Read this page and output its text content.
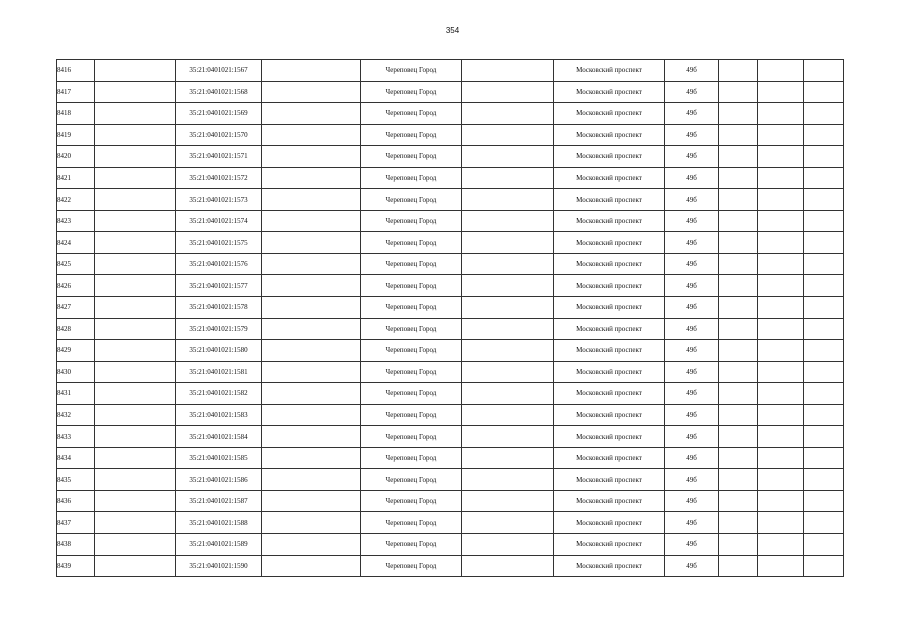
354
8416		35:21:0401021:1567		Череповец Город		Московский проспект	49б			
8417		35:21:0401021:1568		Череповец Город		Московский проспект	49б			
8418		35:21:0401021:1569		Череповец Город		Московский проспект	49б			
8419		35:21:0401021:1570		Череповец Город		Московский проспект	49б			
8420		35:21:0401021:1571		Череповец Город		Московский проспект	49б			
8421		35:21:0401021:1572		Череповец Город		Московский проспект	49б			
8422		35:21:0401021:1573		Череповец Город		Московский проспект	49б			
8423		35:21:0401021:1574		Череповец Город		Московский проспект	49б			
8424		35:21:0401021:1575		Череповец Город		Московский проспект	49б			
8425		35:21:0401021:1576		Череповец Город		Московский проспект	49б			
8426		35:21:0401021:1577		Череповец Город		Московский проспект	49б			
8427		35:21:0401021:1578		Череповец Город		Московский проспект	49б			
8428		35:21:0401021:1579		Череповец Город		Московский проспект	49б			
8429		35:21:0401021:1580		Череповец Город		Московский проспект	49б			
8430		35:21:0401021:1581		Череповец Город		Московский проспект	49б			
8431		35:21:0401021:1582		Череповец Город		Московский проспект	49б			
8432		35:21:0401021:1583		Череповец Город		Московский проспект	49б			
8433		35:21:0401021:1584		Череповец Город		Московский проспект	49б			
8434		35:21:0401021:1585		Череповец Город		Московский проспект	49б			
8435		35:21:0401021:1586		Череповец Город		Московский проспект	49б			
8436		35:21:0401021:1587		Череповец Город		Московский проспект	49б			
8437		35:21:0401021:1588		Череповец Город		Московский проспект	49б			
8438		35:21:0401021:1589		Череповец Город		Московский проспект	49б			
8439		35:21:0401021:1590		Череповец Город		Московский проспект	49б			
